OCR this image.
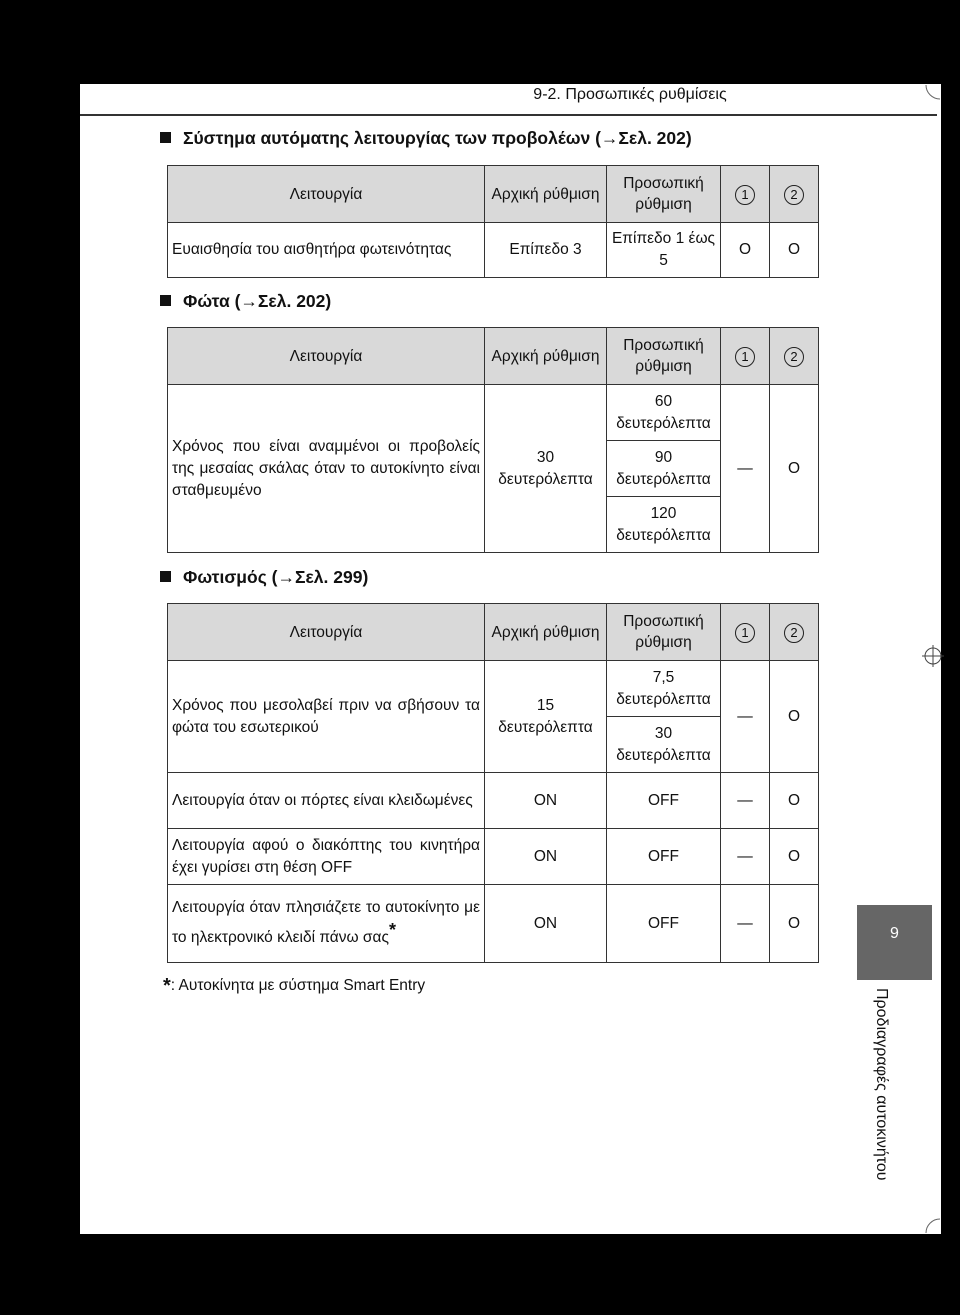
9-2. Προσωπικές ρυθμίσεις
Σύστημα αυτόματης λειτουργίας των προβολέων (→Σελ. 202)
Λειτουργία	Αρχική ρύθμιση	Προσωπική ρύθμιση	1	2
Ευαισθησία του αισθητήρα φωτεινότητας	Επίπεδο 3	Επίπεδο 1 έως 5	O	O
Φώτα (→Σελ. 202)
Λειτουργία	Αρχική ρύθμιση	Προσωπική ρύθμιση	1	2
Χρόνος που είναι αναμμένοι οι προβολείς της μεσαίας σκάλας όταν το αυτοκίνητο είναι σταθμευμένο	30 δευτερόλεπτα	60 δευτερόλεπτα	—	O
		90 δευτερόλεπτα		
		120 δευτερόλεπτα		
Φωτισμός (→Σελ. 299)
Λειτουργία	Αρχική ρύθμιση	Προσωπική ρύθμιση	1	2
Χρόνος που μεσολαβεί πριν να σβήσουν τα φώτα του εσωτερικού	15 δευτερόλεπτα	7,5 δευτερόλεπτα	—	O
		30 δευτερόλεπτα		
Λειτουργία όταν οι πόρτες είναι κλειδωμένες	ON	OFF	—	O
Λειτουργία αφού ο διακόπτης του κινητήρα έχει γυρίσει στη θέση OFF	ON	OFF	—	O
Λειτουργία όταν πλησιάζετε το αυτοκίνητο με το ηλεκτρονικό κλειδί πάνω σας*	ON	OFF	—	O
*: Αυτοκίνητα με σύστημα Smart Entry
9
Προδιαγραφές αυτοκινήτου
